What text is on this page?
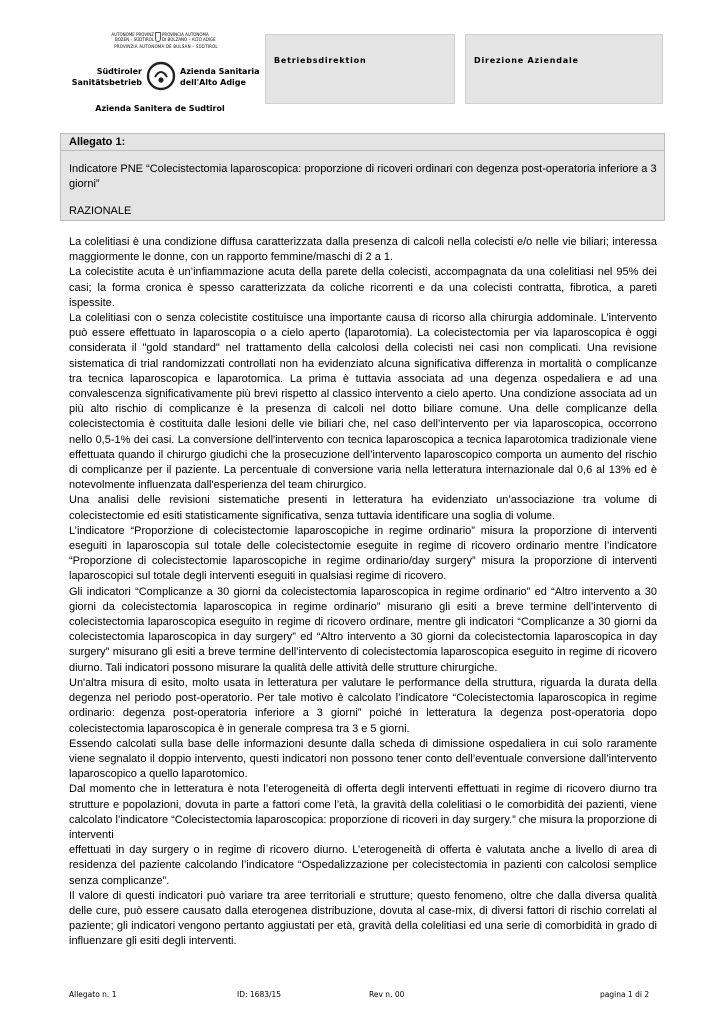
AUTONOME PROVINZ
BOZEN – SÜDTIROL
PROVINCIA AUTONOMA
DI BOLZANO – ALTO ADIGE
PROVINZIA AUTONOMA DE BULSAN – SÜDTIROL
Südtiroler
Sanitätsbetrieb
Azienda Sanitaria
dell'Alto Adige
Azienda Sanitera de Sudtirol
Betriebsdirektion	Direzione Aziendale
Allegato 1:
Indicatore PNE “Colecistectomia laparoscopica: proporzione di ricoveri ordinari con degenza post-operatoria inferiore a 3 giorni”
RAZIONALE

La colelitiasi è una condizione diffusa caratterizzata dalla presenza di calcoli nella colecisti e/o nelle vie biliari; interessa maggiormente le donne, con un rapporto femmine/maschi di 2 a 1.

La colecistite acuta è un’infiammazione acuta della parete della colecisti, accompagnata da una colelitiasi nel 95% dei casi; la forma cronica è spesso caratterizzata da coliche ricorrenti e da una colecisti contratta, fibrotica, a pareti ispessite.

La colelitiasi con o senza colecistite costituisce una importante causa di ricorso alla chirurgia addominale. L’intervento può essere effettuato in laparoscopia o a cielo aperto (laparotomia). La colecistectomia per via laparoscopica è oggi considerata il "gold standard" nel trattamento della calcolosi della colecisti nei casi non complicati. Una revisione sistematica di trial randomizzati controllati non ha evidenziato alcuna significativa differenza in mortalità o complicanze tra tecnica laparoscopica e laparotomica. La prima è tuttavia associata ad una degenza ospedaliera e ad una convalescenza significativamente più brevi rispetto al classico intervento a cielo aperto. Una condizione associata ad un più alto rischio di complicanze è la presenza di calcoli nel dotto biliare comune. Una delle complicanze della colecistectomia è costituita dalle lesioni delle vie biliari che, nel caso dell’intervento per via laparoscopica, occorrono nello 0,5-1% dei casi. La conversione dell'intervento con tecnica laparoscopica a tecnica laparotomica tradizionale viene effettuata quando il chirurgo giudichi che la prosecuzione dell’intervento laparoscopico comporta un aumento del rischio di complicanze per il paziente. La percentuale di conversione varia nella letteratura internazionale dal 0,6 al 13% ed è notevolmente influenzata dall'esperienza del team chirurgico.

Una analisi delle revisioni sistematiche presenti in letteratura ha evidenziato un’associazione tra volume di colecistectomie ed esiti statisticamente significativa, senza tuttavia identificare una soglia di volume.

L’indicatore “Proporzione di colecistectomie laparoscopiche in regime ordinario” misura la proporzione di interventi eseguiti in laparoscopia sul totale delle colecistectomie eseguite in regime di ricovero ordinario mentre l’indicatore “Proporzione di colecistectomie laparoscopiche in regime ordinario/day surgery” misura la proporzione di interventi laparoscopici sul totale degli interventi eseguiti in qualsiasi regime di ricovero.

Gli indicatori “Complicanze a 30 giorni da colecistectomia laparoscopica in regime ordinario” ed “Altro intervento a 30 giorni da colecistectomia laparoscopica in regime ordinario” misurano gli esiti a breve termine dell’intervento di colecistectomia laparoscopica eseguito in regime di ricovero ordinare, mentre gli indicatori “Complicanze a 30 giorni da colecistectomia laparoscopica in day surgery” ed “Altro intervento a 30 giorni da colecistectomia laparoscopica in day surgery” misurano gli esiti a breve termine dell’intervento di colecistectomia laparoscopica eseguito in regime di ricovero diurno. Tali indicatori possono misurare la qualità delle attività delle strutture chirurgiche.

Un'altra misura di esito, molto usata in letteratura per valutare le performance della struttura, riguarda la durata della degenza nel periodo post-operatorio. Per tale motivo è calcolato l’indicatore “Colecistectomia laparoscopica in regime ordinario: degenza post-operatoria inferiore a 3 giorni” poiché in letteratura la degenza post-operatoria dopo colecistectomia laparoscopica è in generale compresa tra 3 e 5 giorni.

Essendo calcolati sulla base delle informazioni desunte dalla scheda di dimissione ospedaliera in cui solo raramente viene segnalato il doppio intervento, questi indicatori non possono tener conto dell’eventuale conversione dall’intervento laparoscopico a quello laparotomico.

Dal momento che in letteratura è nota l’eterogeneità di offerta degli interventi effettuati in regime di ricovero diurno tra strutture e popolazioni, dovuta in parte a fattori come l’età, la gravità della colelitiasi o le comorbidità dei pazienti, viene calcolato l’indicatore “Colecistectomia laparoscopica: proporzione di ricoveri in day surgery.” che misura la proporzione di interventi

effettuati in day surgery o in regime di ricovero diurno. L’eterogeneità di offerta è valutata anche a livello di area di residenza del paziente calcolando l’indicatore “Ospedalizzazione per colecistectomia in pazienti con calcolosi semplice senza complicanze”.

Il valore di questi indicatori può variare tra aree territoriali e strutture; questo fenomeno, oltre che dalla diversa qualità delle cure, può essere causato dalla eterogenea distribuzione, dovuta al case-mix, di diversi fattori di rischio correlati al paziente; gli indicatori vengono pertanto aggiustati per età, gravità della colelitiasi ed una serie di comorbidità in grado di influenzare gli esiti degli interventi.

Allegato n. 1	ID: 1683/15	Rev n. 00	pagina 1 di 2
